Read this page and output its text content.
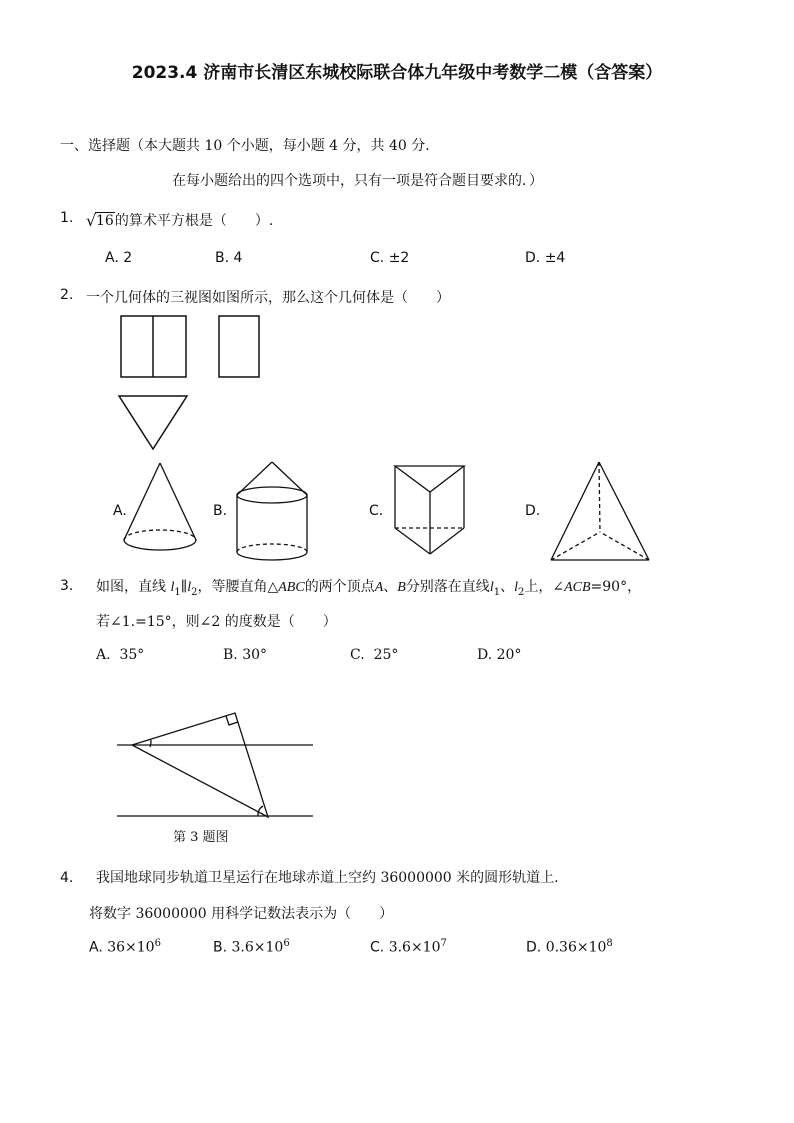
2023.4 济南市长清区东城校际联合体九年级中考数学二模（含答案）
一、选择题（本大题共 10 个小题，每小题 4 分，共 40 分．
在每小题给出的四个选项中，只有一项是符合题目要求的．）
1. √ 16的算术平方根是（　　）.
A. 2	B. 4	C. ±2	D. ±4
2. 一个几何体的三视图如图所示，那么这个几何体是（　　）
A.	B.	C.	D.
3. 如图，直线 $l_1\parallel l_2$，等腰直角△ABC的两个顶点A、B分别落在直线$l_1$、$l_2$上，∠ACB=90°，
若∠1.=15°，则∠2 的度数是（　　）
A. 35°	B. 30°	C. 25°	D. 20°
第 3 题图
4. 我国地球同步轨道卫星运行在地球赤道上空约 36000000 米的圆形轨道上.
将数字 36000000 用科学记数法表示为（　　）
A. $36\times 10^6$	B. $3.6\times 10^6$	C. $3.6\times 10^7$	D. $0.36\times 10^8$
